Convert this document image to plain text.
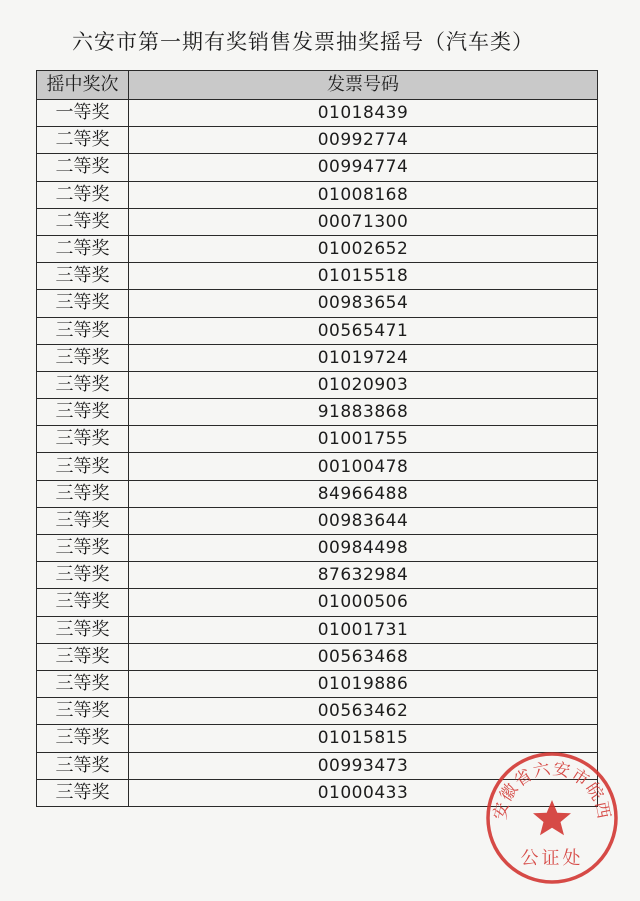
六安市第一期有奖销售发票抽奖摇号（汽车类）
摇中奖次	发票号码
一等奖	01018439
二等奖	00992774
二等奖	00994774
二等奖	01008168
二等奖	00071300
二等奖	01002652
三等奖	01015518
三等奖	00983654
三等奖	00565471
三等奖	01019724
三等奖	01020903
三等奖	91883868
三等奖	01001755
三等奖	00100478
三等奖	84966488
三等奖	00983644
三等奖	00984498
三等奖	87632984
三等奖	01000506
三等奖	01001731
三等奖	00563468
三等奖	01019886
三等奖	00563462
三等奖	01015815
三等奖	00993473
三等奖	01000433
安徽省六安市皖西
公证处
